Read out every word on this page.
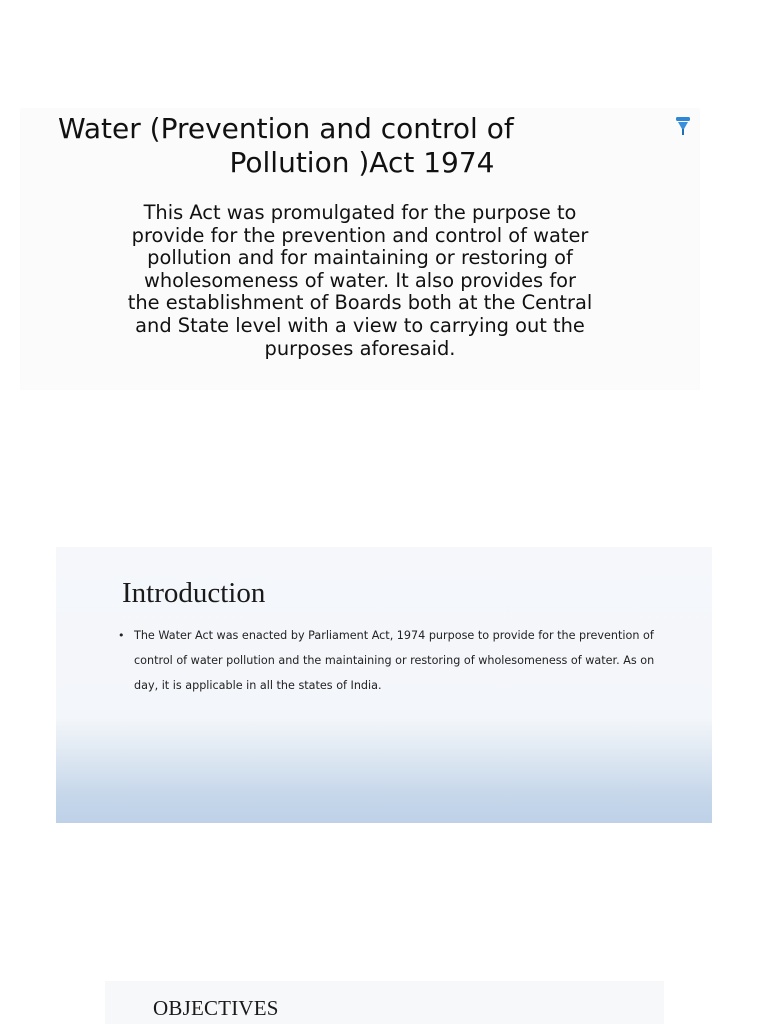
Water (Prevention and control of
Pollution )Act 1974
This Act was promulgated for the purpose to
provide for the prevention and control of water
pollution and for maintaining or restoring of
wholesomeness of water. It also provides for
the establishment of Boards both at the Central
and State level with a view to carrying out the
purposes aforesaid.
Introduction
• The Water Act was enacted by Parliament Act, 1974 purpose to provide for the prevention of
control of water pollution and the maintaining or restoring of wholesomeness of water. As on
day, it is applicable in all the states of India.
OBJECTIVES
